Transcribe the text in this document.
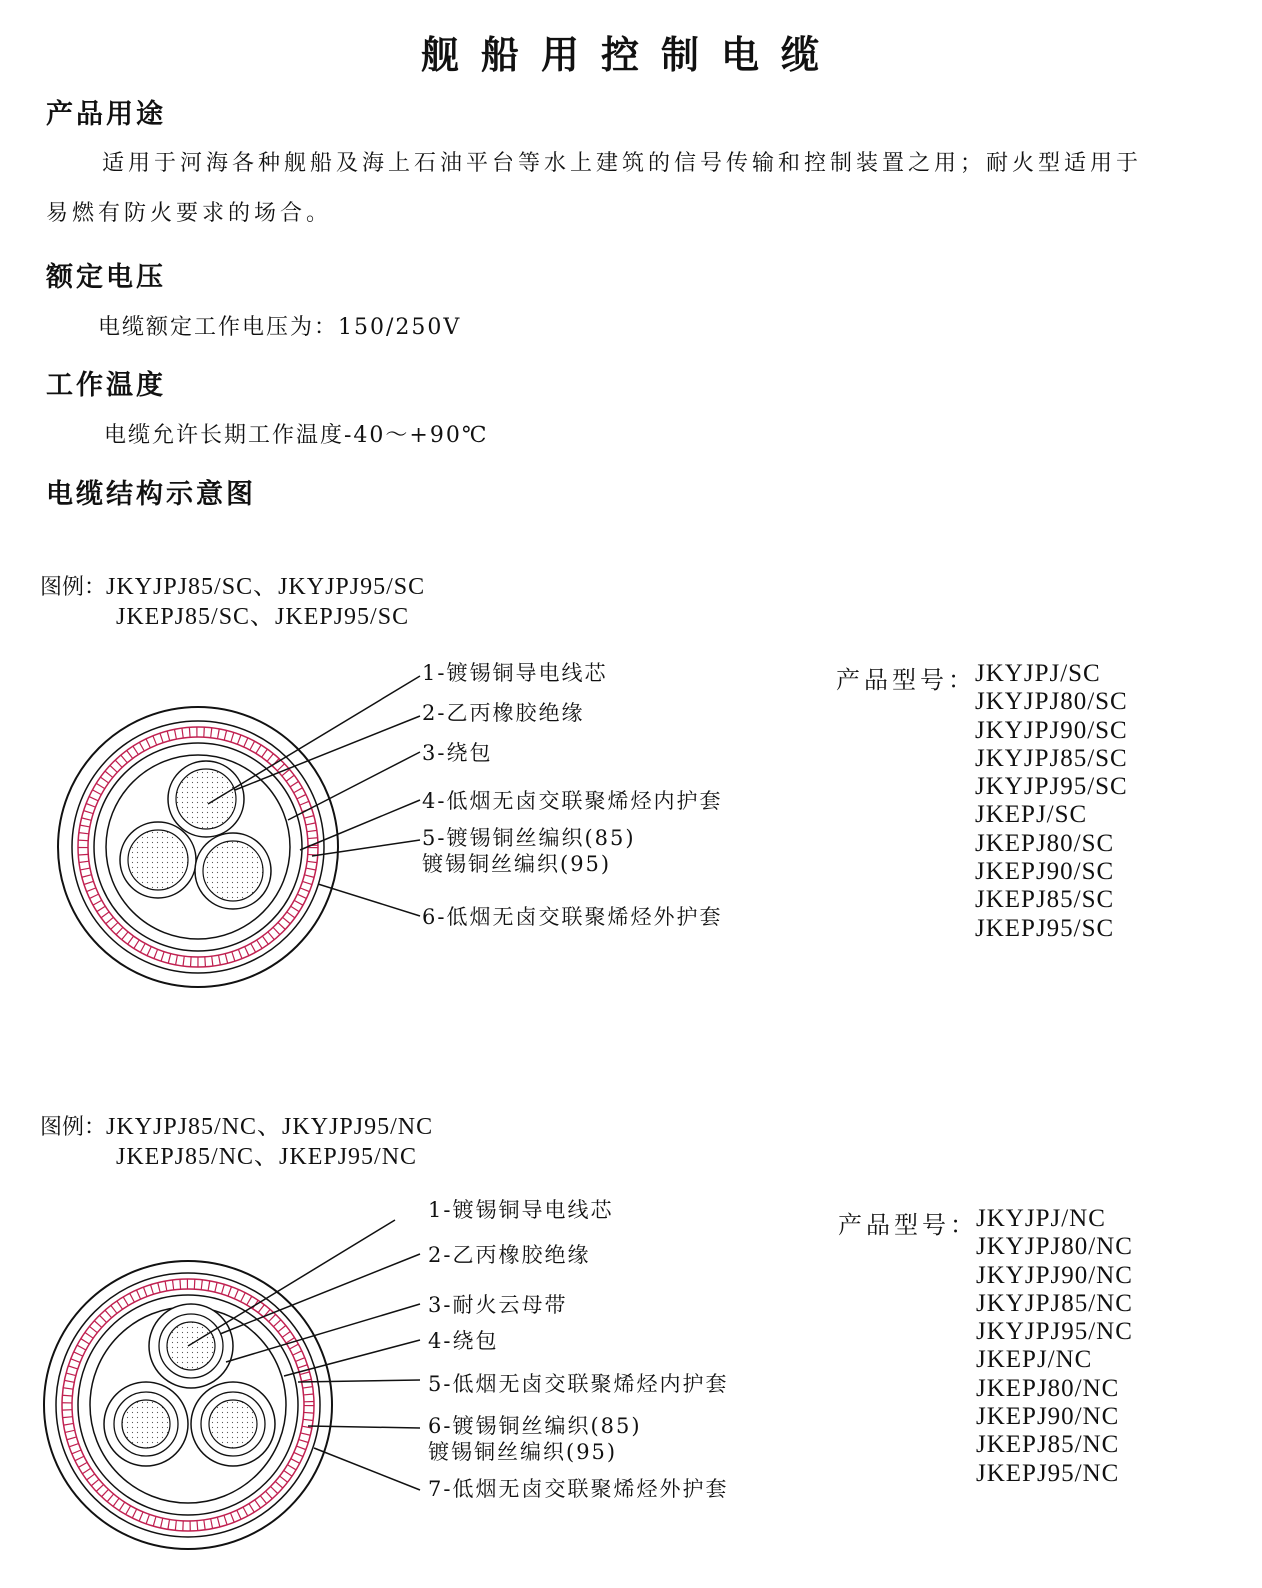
舰船用控制电缆
产品用途
适用于河海各种舰船及海上石油平台等水上建筑的信号传输和控制装置之用；耐火型适用于
易燃有防火要求的场合。
额定电压
电缆额定工作电压为：150/250V
工作温度
电缆允许长期工作温度-40～+90℃
电缆结构示意图
图例：JKYJPJ85/SC、JKYJPJ95/SC
JKEPJ85/SC、JKEPJ95/SC
1-镀锡铜导电线芯
2-乙丙橡胶绝缘
3-绕包
4-低烟无卤交联聚烯烃内护套
5-镀锡铜丝编织(85)
镀锡铜丝编织(95)
6-低烟无卤交联聚烯烃外护套
产品型号： JKYJPJ/SC
JKYJPJ80/SC
JKYJPJ90/SC
JKYJPJ85/SC
JKYJPJ95/SC
JKEPJ/SC
JKEPJ80/SC
JKEPJ90/SC
JKEPJ85/SC
JKEPJ95/SC
图例：JKYJPJ85/NC、JKYJPJ95/NC
JKEPJ85/NC、JKEPJ95/NC
1-镀锡铜导电线芯
2-乙丙橡胶绝缘
3-耐火云母带
4-绕包
5-低烟无卤交联聚烯烃内护套
6-镀锡铜丝编织(85)
镀锡铜丝编织(95)
7-低烟无卤交联聚烯烃外护套
产品型号：
JKYJPJ/NC
JKYJPJ80/NC
JKYJPJ90/NC
JKYJPJ85/NC
JKYJPJ95/NC
JKEPJ/NC
JKEPJ80/NC
JKEPJ90/NC
JKEPJ85/NC
JKEPJ95/NC
